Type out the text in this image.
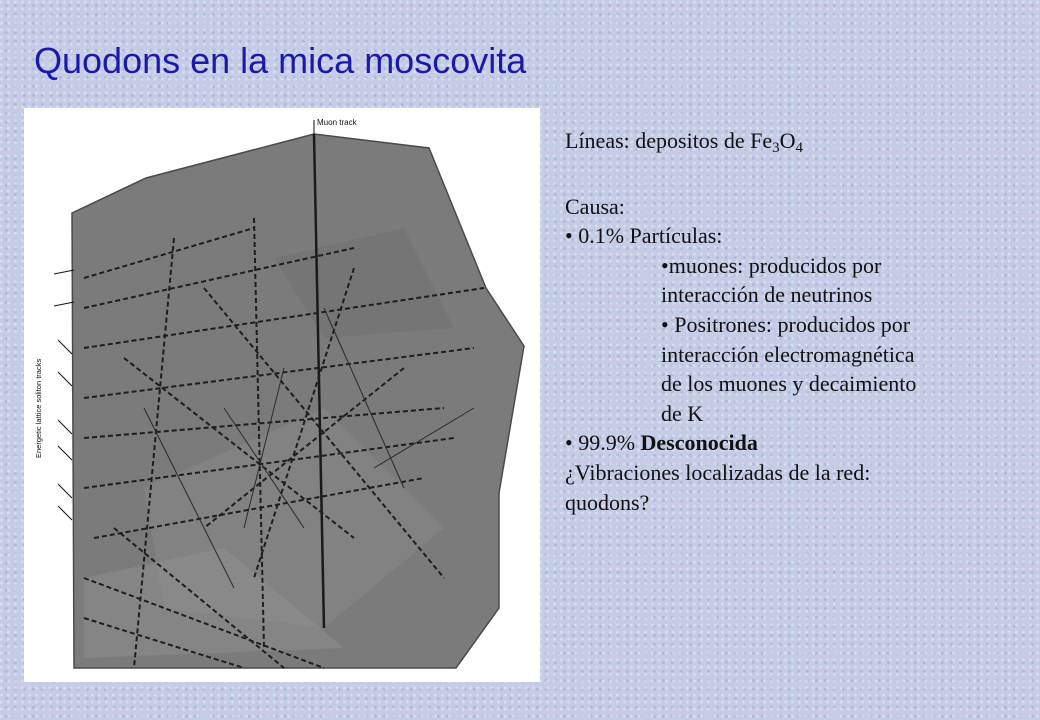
Quodons en la mica moscovita
Muon track
Energetic lattice soliton tracks
Líneas: depositos de $Fe_3O_4$
Causa:
• 0.1% Partículas:
•muones: producidos por
interacción de neutrinos
• Positrones: producidos por
interacción electromagnética
de los muones y decaimiento
de K
• 99.9% Desconocida
¿Vibraciones localizadas de la red:
quodons?
